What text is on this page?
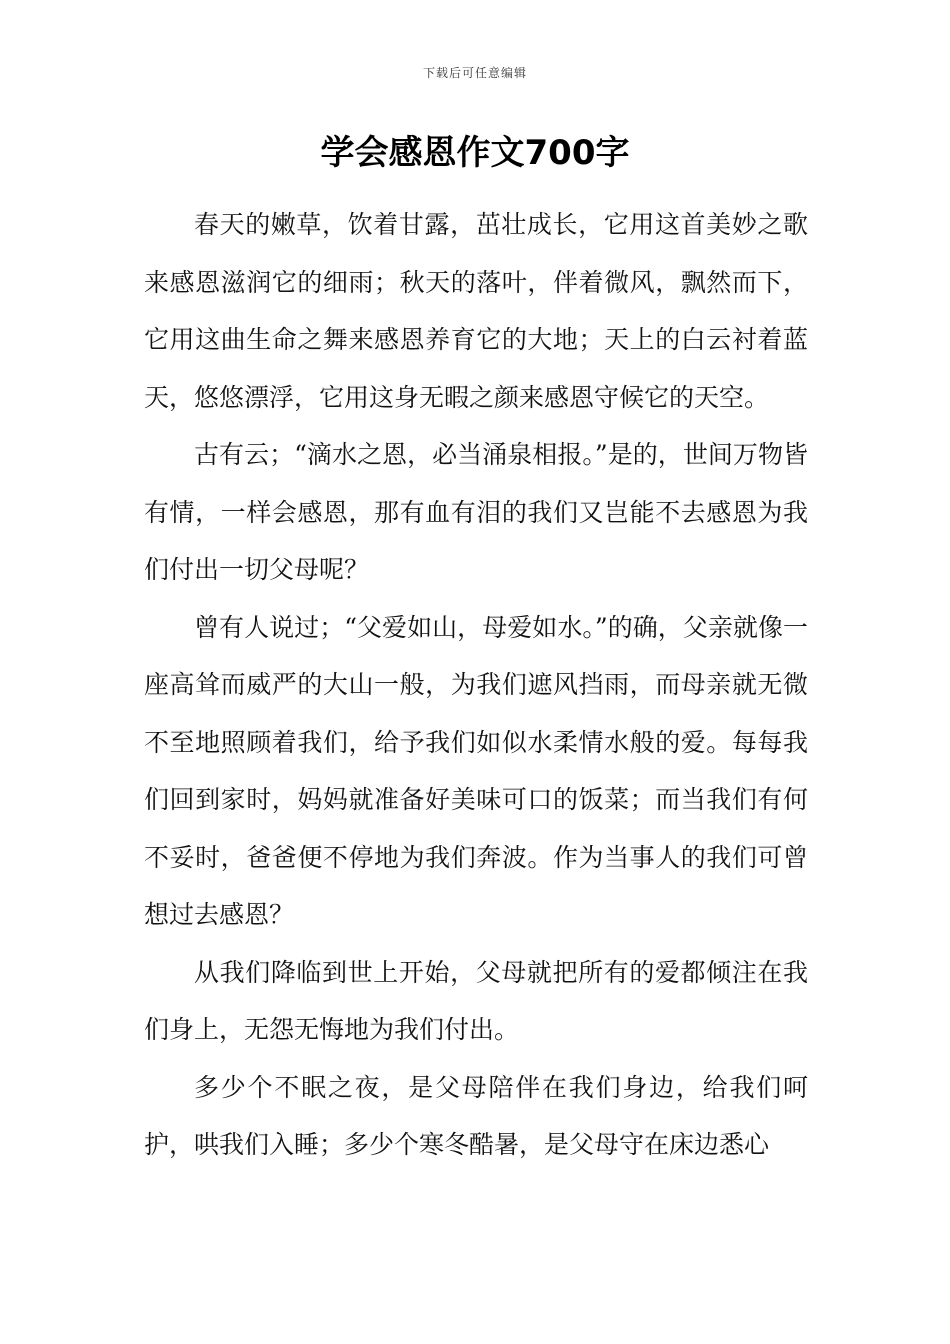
下载后可任意编辑
学会感恩作文700字

春天的嫩草，饮着甘露，茁壮成长，它用这首美妙之歌来感恩滋润它的细雨；秋天的落叶，伴着微风，飘然而下，它用这曲生命之舞来感恩养育它的大地；天上的白云衬着蓝天，悠悠漂浮，它用这身无暇之颜来感恩守候它的天空。

古有云；“滴水之恩，必当涌泉相报。”是的，世间万物皆有情，一样会感恩，那有血有泪的我们又岂能不去感恩为我们付出一切父母呢？

曾有人说过；“父爱如山，母爱如水。”的确，父亲就像一座高耸而威严的大山一般，为我们遮风挡雨，而母亲就无微不至地照顾着我们，给予我们如似水柔情水般的爱。每每我们回到家时，妈妈就准备好美味可口的饭菜；而当我们有何不妥时，爸爸便不停地为我们奔波。作为当事人的我们可曾想过去感恩？

从我们降临到世上开始，父母就把所有的爱都倾注在我们身上，无怨无悔地为我们付出。

多少个不眠之夜，是父母陪伴在我们身边，给我们呵护，哄我们入睡；多少个寒冬酷暑，是父母守在床边悉心
